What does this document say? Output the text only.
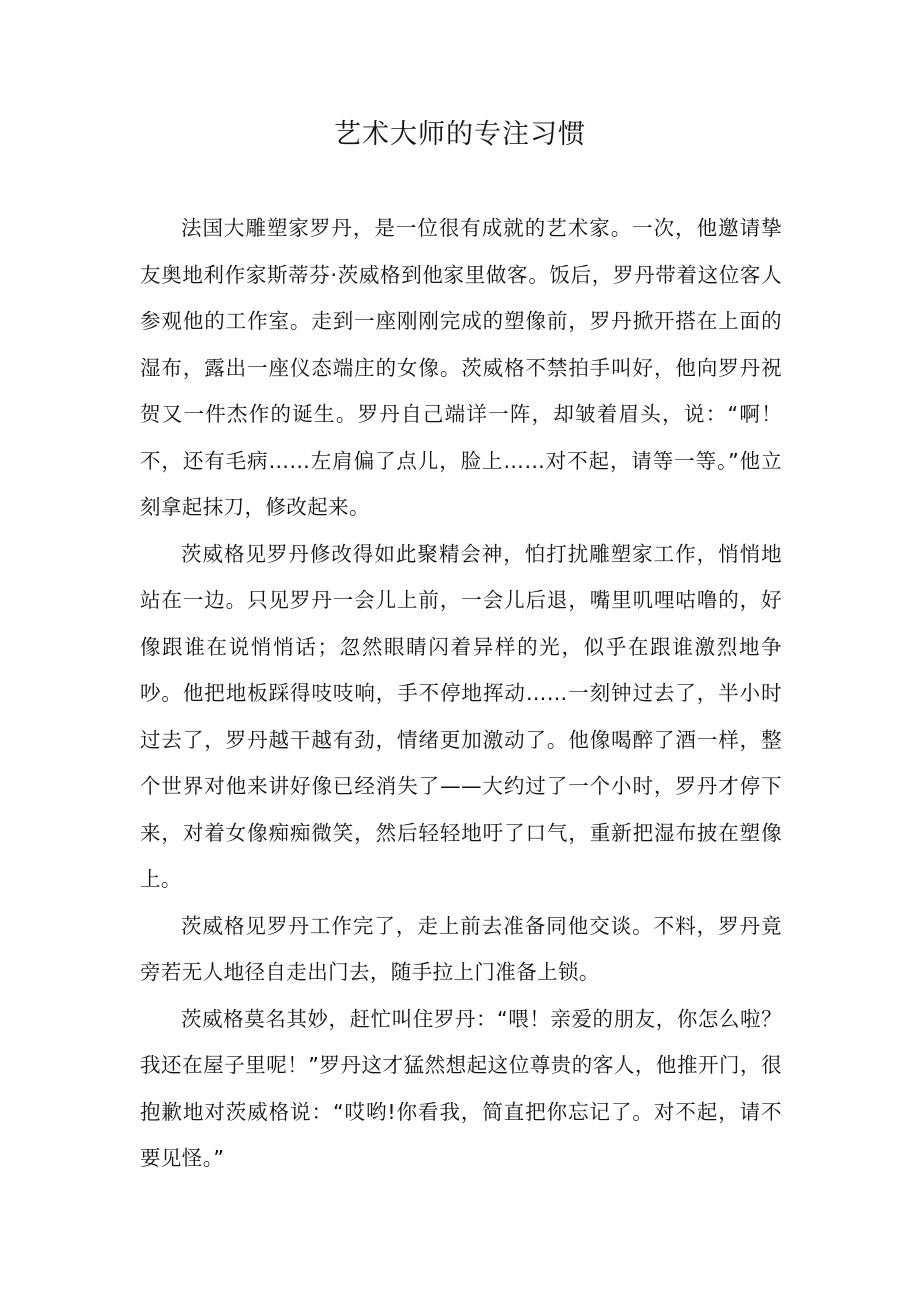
艺术大师的专注习惯

法国大雕塑家罗丹，是一位很有成就的艺术家。一次，他邀请挚友奥地利作家斯蒂芬·茨威格到他家里做客。饭后，罗丹带着这位客人参观他的工作室。走到一座刚刚完成的塑像前，罗丹掀开搭在上面的湿布，露出一座仪态端庄的女像。茨威格不禁拍手叫好，他向罗丹祝贺又一件杰作的诞生。罗丹自己端详一阵，却皱着眉头，说：“啊！不，还有毛病……左肩偏了点儿，脸上……对不起，请等一等。”他立刻拿起抹刀，修改起来。

茨威格见罗丹修改得如此聚精会神，怕打扰雕塑家工作，悄悄地站在一边。只见罗丹一会儿上前，一会儿后退，嘴里叽哩咕噜的，好像跟谁在说悄悄话；忽然眼睛闪着异样的光，似乎在跟谁激烈地争吵。他把地板踩得吱吱响，手不停地挥动……一刻钟过去了，半小时过去了，罗丹越干越有劲，情绪更加激动了。他像喝醉了酒一样，整个世界对他来讲好像已经消失了——大约过了一个小时，罗丹才停下来，对着女像痴痴微笑，然后轻轻地吁了口气，重新把湿布披在塑像上。

茨威格见罗丹工作完了，走上前去准备同他交谈。不料，罗丹竟旁若无人地径自走出门去，随手拉上门准备上锁。

茨威格莫名其妙，赶忙叫住罗丹：“喂！亲爱的朋友，你怎么啦？我还在屋子里呢！”罗丹这才猛然想起这位尊贵的客人，他推开门，很抱歉地对茨威格说：“哎哟!你看我，简直把你忘记了。对不起，请不要见怪。”
